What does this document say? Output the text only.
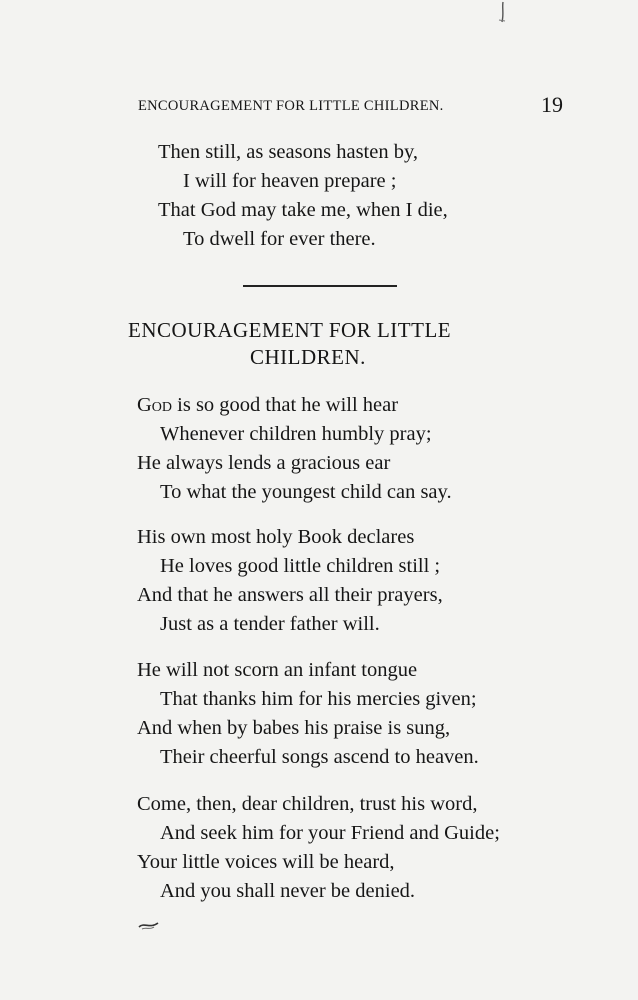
ENCOURAGEMENT FOR LITTLE CHILDREN.	19
Then still, as seasons hasten by,
I will for heaven prepare ;
That God may take me, when I die,
To dwell for ever there.
ENCOURAGEMENT FOR LITTLE
CHILDREN.
God is so good that he will hear
Whenever children humbly pray;
He always lends a gracious ear
To what the youngest child can say.
His own most holy Book declares
He loves good little children still ;
And that he answers all their prayers,
Just as a tender father will.
He will not scorn an infant tongue
That thanks him for his mercies given;
And when by babes his praise is sung,
Their cheerful songs ascend to heaven.
Come, then, dear children, trust his word,
And seek him for your Friend and Guide;
Your little voices will be heard,
And you shall never be denied.
